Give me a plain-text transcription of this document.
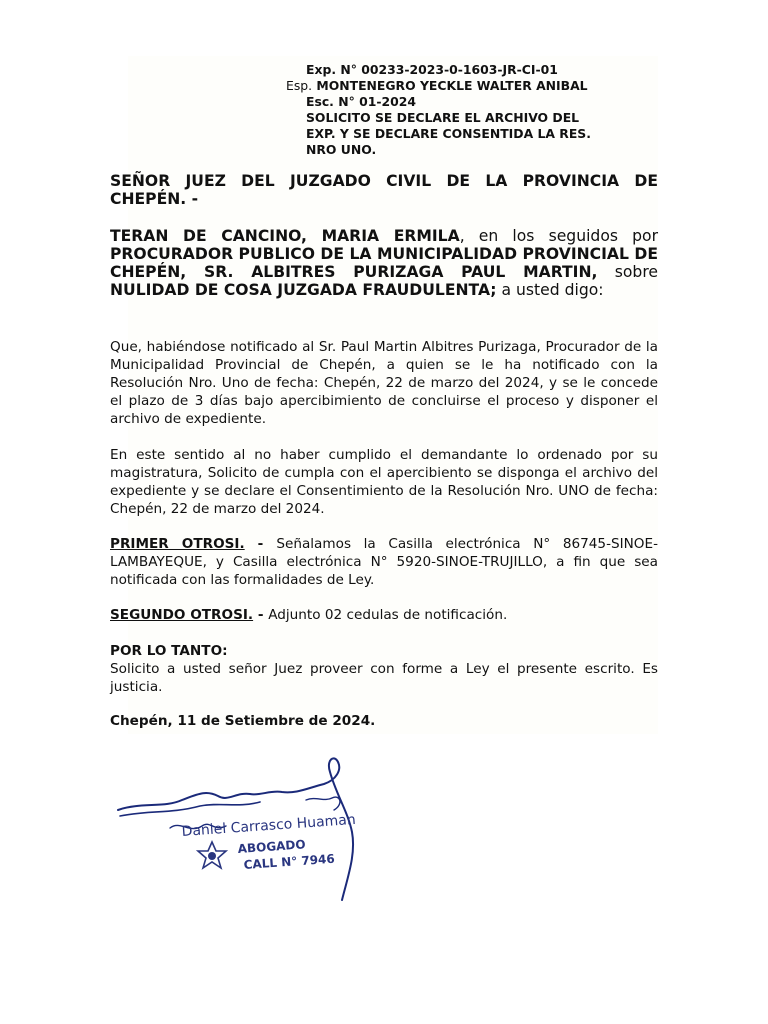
Exp. N° 00233-2023-0-1603-JR-CI-01
Esp. MONTENEGRO YECKLE WALTER ANIBAL
Esc. N° 01-2024
SOLICITO SE DECLARE EL ARCHIVO DEL
EXP. Y SE DECLARE CONSENTIDA LA RES.
NRO UNO.
SEÑOR JUEZ DEL JUZGADO CIVIL DE LA PROVINCIA DE CHEPÉN. -
TERAN DE CANCINO, MARIA ERMILA, en los seguidos por PROCURADOR PUBLICO DE LA MUNICIPALIDAD PROVINCIAL DE CHEPÉN, SR. ALBITRES PURIZAGA PAUL MARTIN, sobre NULIDAD DE COSA JUZGADA FRAUDULENTA; a usted digo:
Que, habiéndose notificado al Sr. Paul Martin Albitres Purizaga, Procurador de la Municipalidad Provincial de Chepén, a quien se le ha notificado con la Resolución Nro. Uno de fecha: Chepén, 22 de marzo del 2024, y se le concede el plazo de 3 días bajo apercibimiento de concluirse el proceso y disponer el archivo de expediente.
En este sentido al no haber cumplido el demandante lo ordenado por su magistratura, Solicito de cumpla con el apercibiento se disponga el archivo del expediente y se declare el Consentimiento de la Resolución Nro. UNO de fecha: Chepén, 22 de marzo del 2024.
PRIMER OTROSI. - Señalamos la Casilla electrónica N° 86745-SINOE-LAMBAYEQUE, y Casilla electrónica N° 5920-SINOE-TRUJILLO, a fin que sea notificada con las formalidades de Ley.
SEGUNDO OTROSI. - Adjunto 02 cedulas de notificación.
POR LO TANTO:
Solicito a usted señor Juez proveer con forme a Ley el presente escrito. Es justicia.
Chepén, 11 de Setiembre de 2024.
Daniel Carrasco Huaman
ABOGADO
CALL N° 7946
